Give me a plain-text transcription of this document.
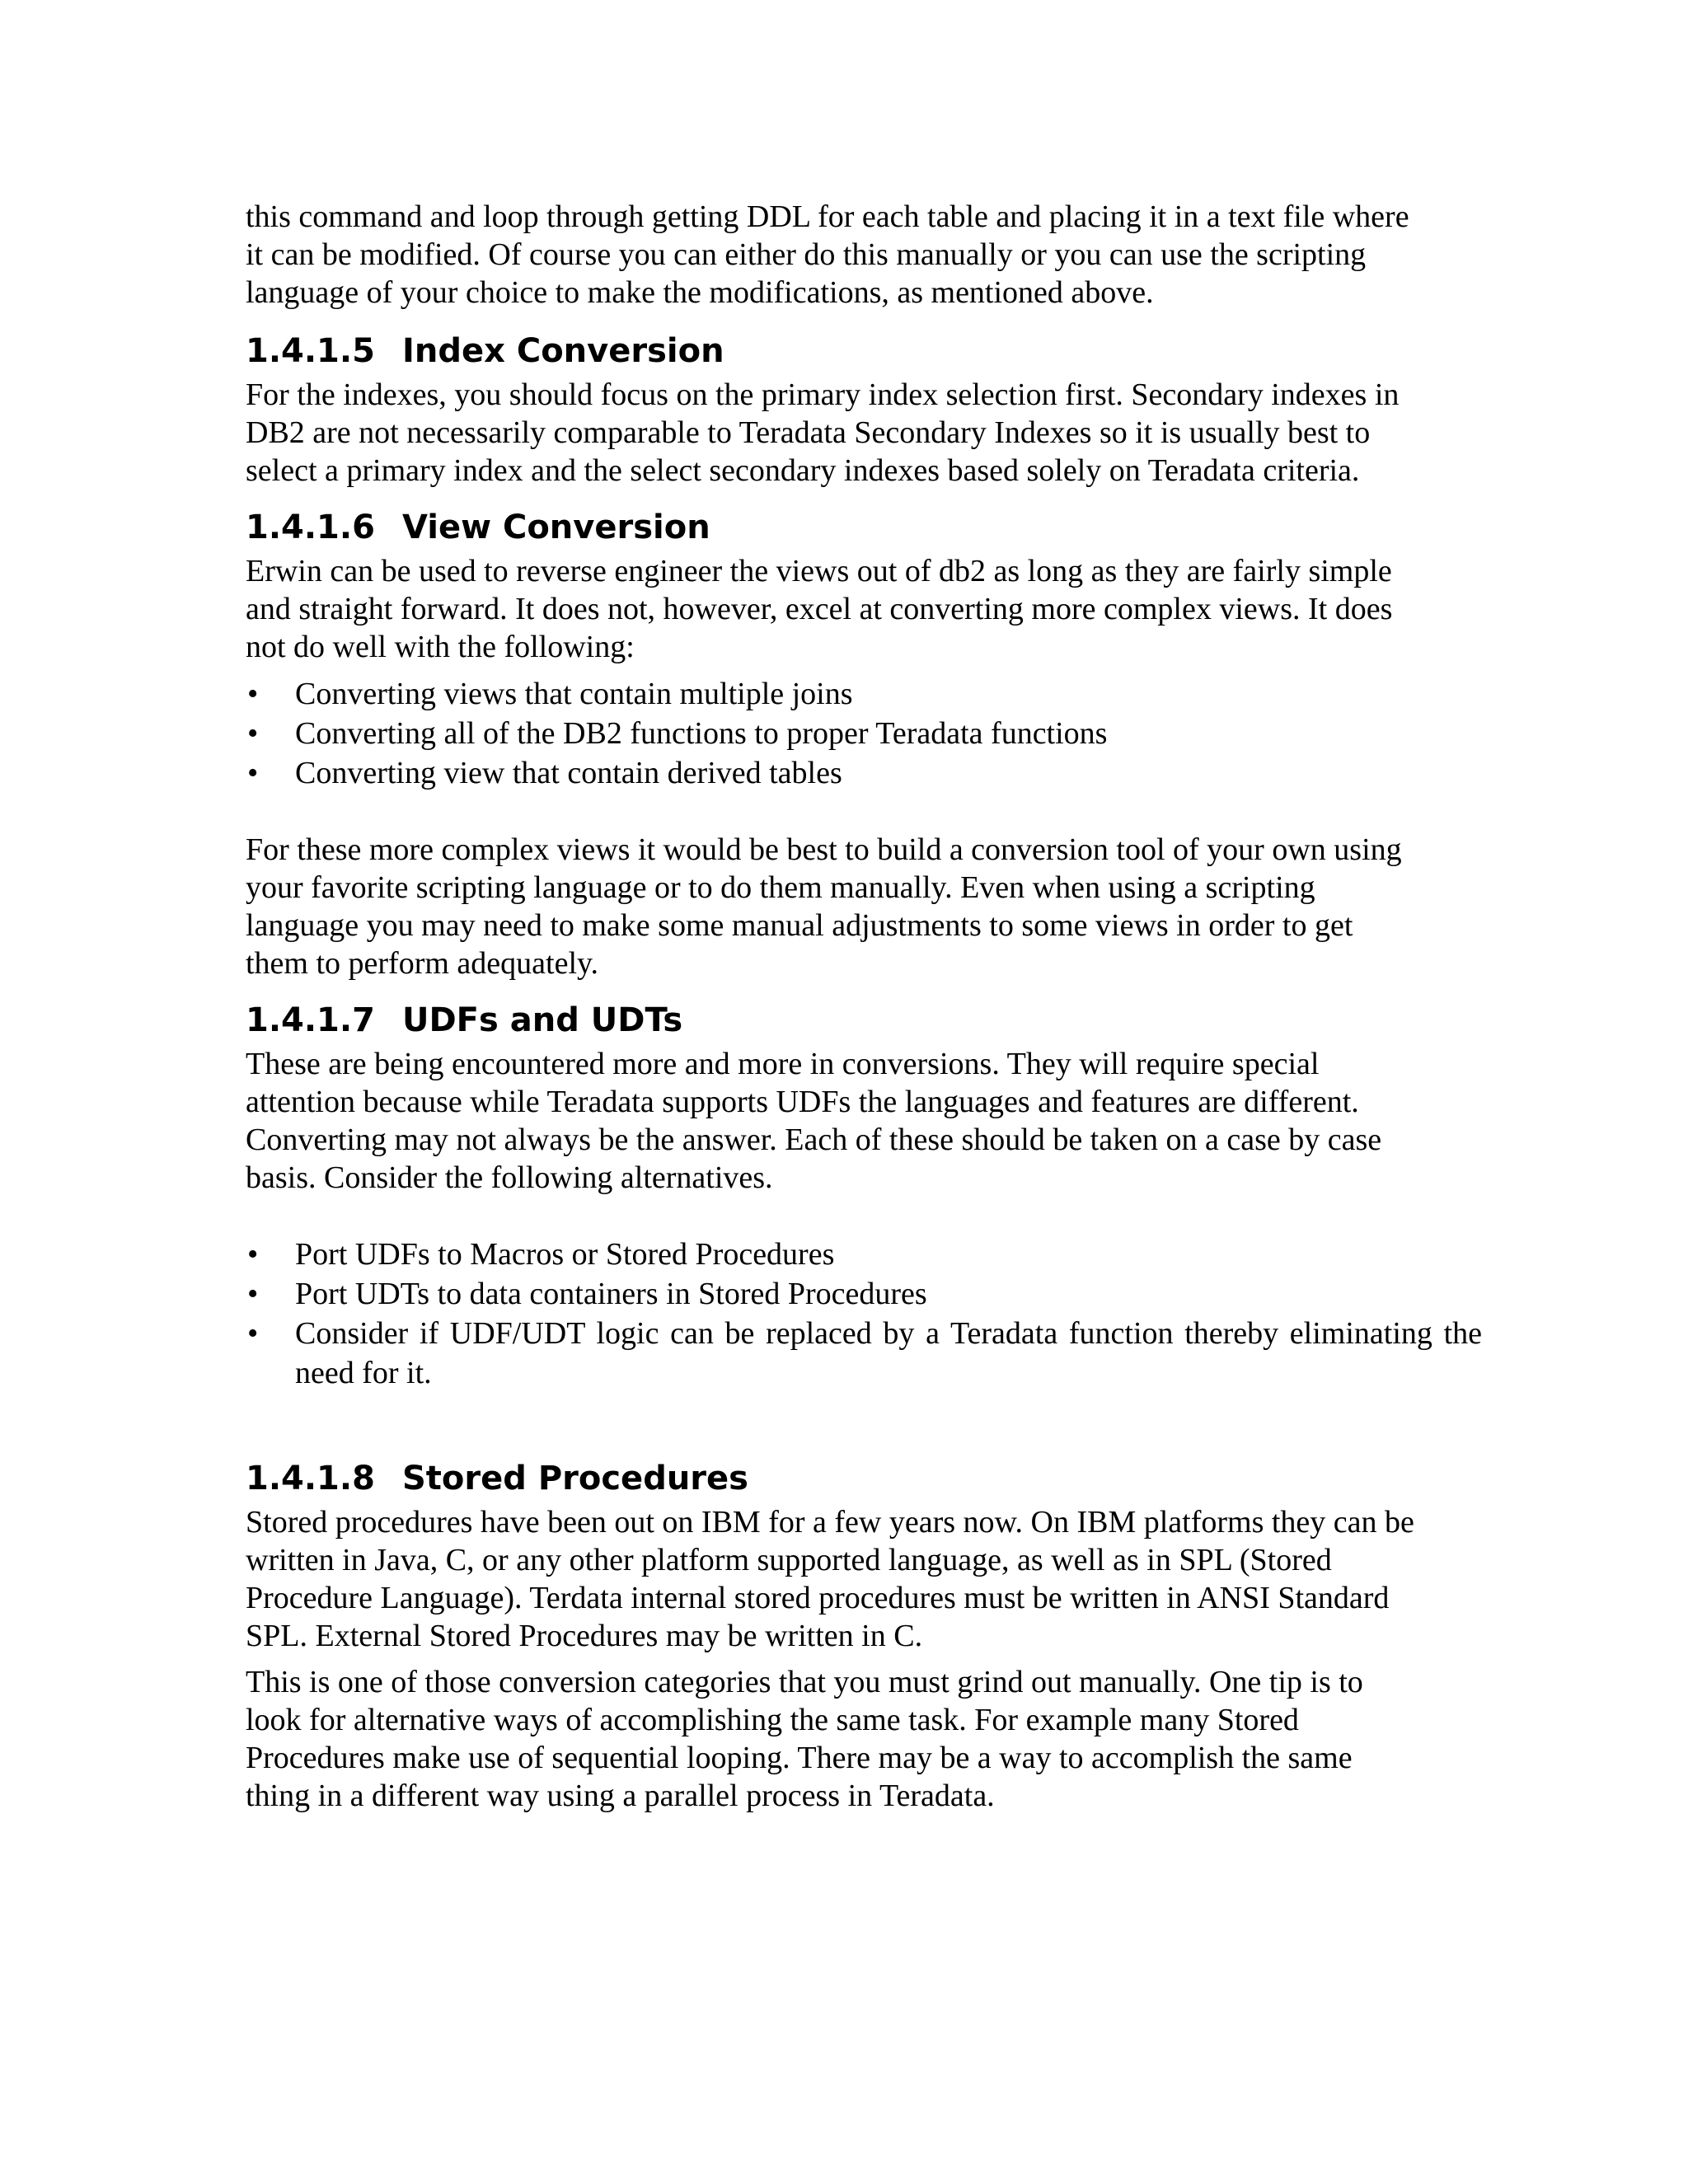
this command and loop through getting DDL for each table and placing it in a text file where
it can be modified. Of course you can either do this manually or you can use the scripting
language of your choice to make the modifications, as mentioned above.

1.4.1.5 Index Conversion

For the indexes, you should focus on the primary index selection first. Secondary indexes in
DB2 are not necessarily comparable to Teradata Secondary Indexes so it is usually best to
select a primary index and the select secondary indexes based solely on Teradata criteria.

1.4.1.6 View Conversion

Erwin can be used to reverse engineer the views out of db2 as long as they are fairly simple
and straight forward. It does not, however, excel at converting more complex views. It does
not do well with the following:

• Converting views that contain multiple joins
• Converting all of the DB2 functions to proper Teradata functions
• Converting view that contain derived tables

For these more complex views it would be best to build a conversion tool of your own using
your favorite scripting language or to do them manually. Even when using a scripting
language you may need to make some manual adjustments to some views in order to get
them to perform adequately.

1.4.1.7 UDFs and UDTs

These are being encountered more and more in conversions. They will require special
attention because while Teradata supports UDFs the languages and features are different.
Converting may not always be the answer. Each of these should be taken on a case by case
basis. Consider the following alternatives.

• Port UDFs to Macros or Stored Procedures
• Port UDTs to data containers in Stored Procedures
• Consider if UDF/UDT logic can be replaced by a Teradata function thereby eliminating the need for it.
1.4.1.8 Stored Procedures

Stored procedures have been out on IBM for a few years now. On IBM platforms they can be
written in Java, C, or any other platform supported language, as well as in SPL (Stored
Procedure Language). Terdata internal stored procedures must be written in ANSI Standard
SPL. External Stored Procedures may be written in C.

This is one of those conversion categories that you must grind out manually. One tip is to
look for alternative ways of accomplishing the same task. For example many Stored
Procedures make use of sequential looping. There may be a way to accomplish the same
thing in a different way using a parallel process in Teradata.
